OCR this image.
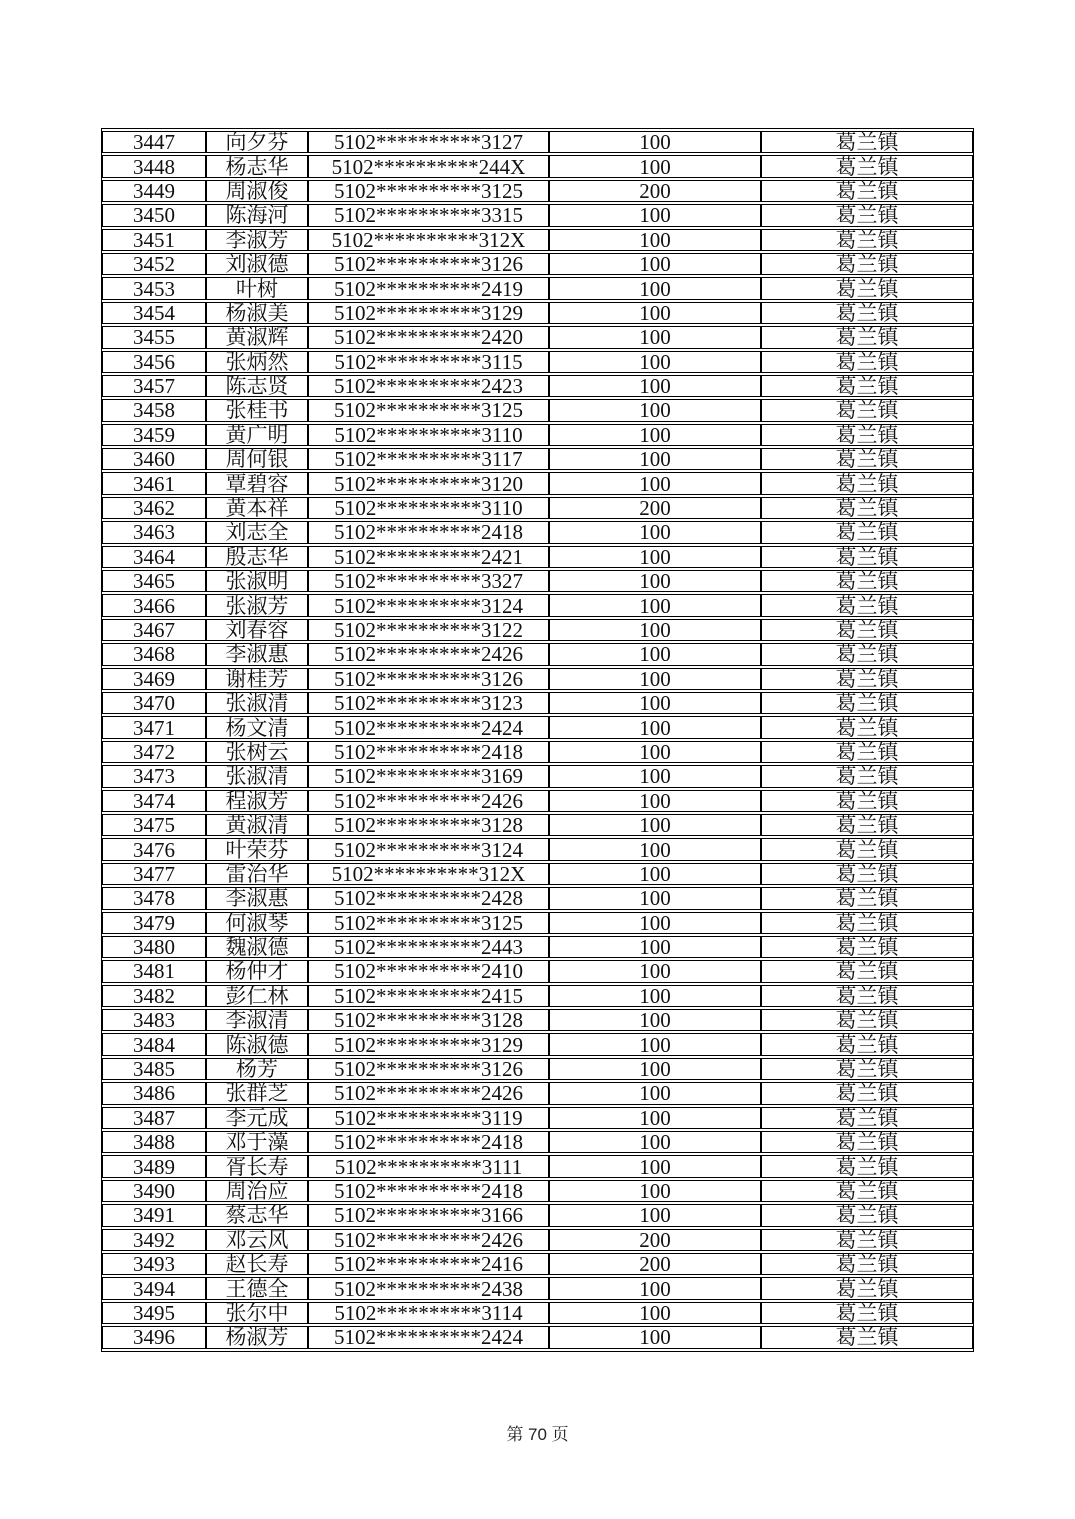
3447	向夕芬	5102**********3127	100	葛兰镇
3448	杨志华	5102**********244X	100	葛兰镇
3449	周淑俊	5102**********3125	200	葛兰镇
3450	陈海河	5102**********3315	100	葛兰镇
3451	李淑芳	5102**********312X	100	葛兰镇
3452	刘淑德	5102**********3126	100	葛兰镇
3453	叶树	5102**********2419	100	葛兰镇
3454	杨淑美	5102**********3129	100	葛兰镇
3455	黄淑辉	5102**********2420	100	葛兰镇
3456	张炳然	5102**********3115	100	葛兰镇
3457	陈志贤	5102**********2423	100	葛兰镇
3458	张桂书	5102**********3125	100	葛兰镇
3459	黄广明	5102**********3110	100	葛兰镇
3460	周何银	5102**********3117	100	葛兰镇
3461	覃碧容	5102**********3120	100	葛兰镇
3462	黄本祥	5102**********3110	200	葛兰镇
3463	刘志全	5102**********2418	100	葛兰镇
3464	殷志华	5102**********2421	100	葛兰镇
3465	张淑明	5102**********3327	100	葛兰镇
3466	张淑芳	5102**********3124	100	葛兰镇
3467	刘春容	5102**********3122	100	葛兰镇
3468	李淑惠	5102**********2426	100	葛兰镇
3469	谢桂芳	5102**********3126	100	葛兰镇
3470	张淑清	5102**********3123	100	葛兰镇
3471	杨文清	5102**********2424	100	葛兰镇
3472	张树云	5102**********2418	100	葛兰镇
3473	张淑清	5102**********3169	100	葛兰镇
3474	程淑芳	5102**********2426	100	葛兰镇
3475	黄淑清	5102**********3128	100	葛兰镇
3476	叶荣芬	5102**********3124	100	葛兰镇
3477	雷治华	5102**********312X	100	葛兰镇
3478	李淑惠	5102**********2428	100	葛兰镇
3479	何淑琴	5102**********3125	100	葛兰镇
3480	魏淑德	5102**********2443	100	葛兰镇
3481	杨仲才	5102**********2410	100	葛兰镇
3482	彭仁林	5102**********2415	100	葛兰镇
3483	李淑清	5102**********3128	100	葛兰镇
3484	陈淑德	5102**********3129	100	葛兰镇
3485	杨芳	5102**********3126	100	葛兰镇
3486	张群芝	5102**********2426	100	葛兰镇
3487	李元成	5102**********3119	100	葛兰镇
3488	邓于藻	5102**********2418	100	葛兰镇
3489	胥长寿	5102**********3111	100	葛兰镇
3490	周治应	5102**********2418	100	葛兰镇
3491	蔡志华	5102**********3166	100	葛兰镇
3492	邓云风	5102**********2426	200	葛兰镇
3493	赵长寿	5102**********2416	200	葛兰镇
3494	王德全	5102**********2438	100	葛兰镇
3495	张尔中	5102**********3114	100	葛兰镇
3496	杨淑芳	5102**********2424	100	葛兰镇
第 70 页
